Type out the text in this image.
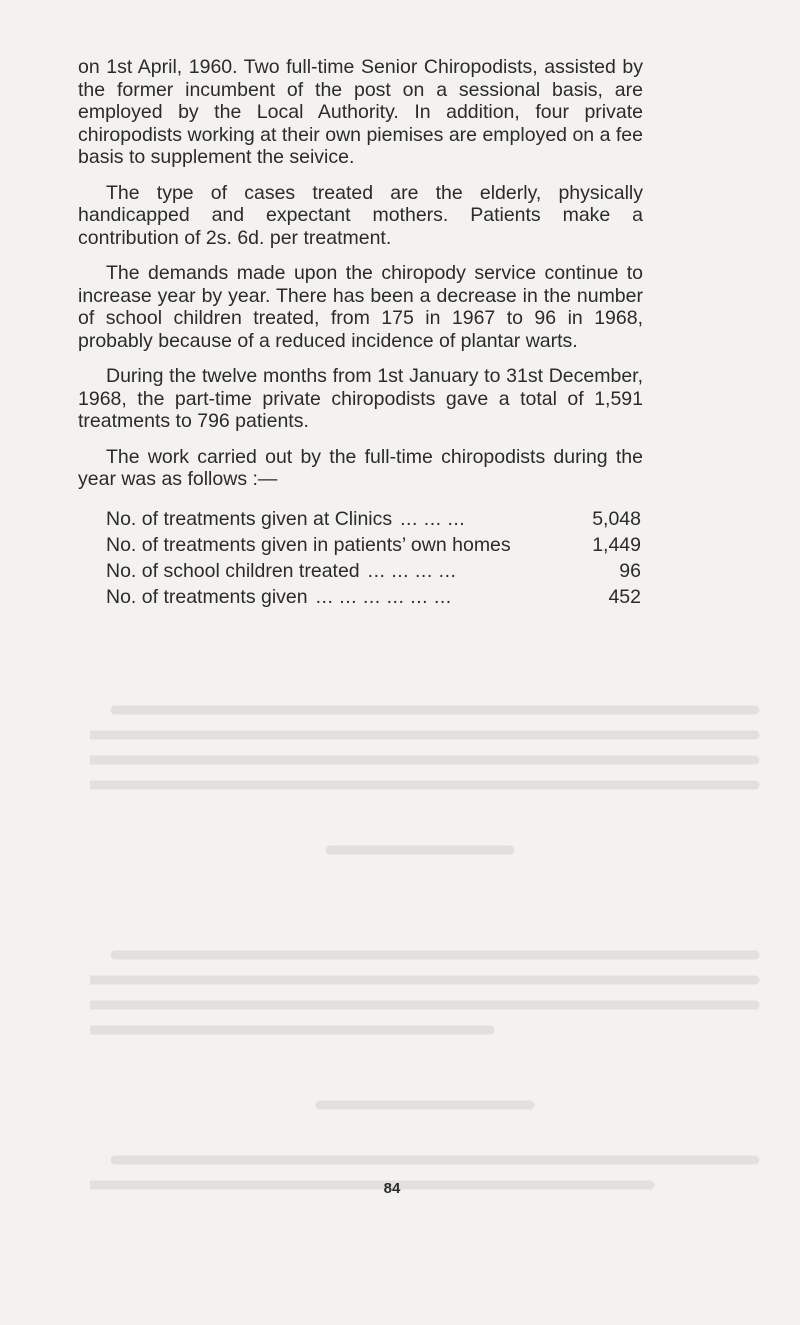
on 1st April, 1960. Two full-time Senior Chiropodists, assisted by the former incumbent of the post on a sessional basis, are employed by the Local Authority. In addition, four private chiropodists working at their own piemises are employed on a fee basis to supplement the seivice.

The type of cases treated are the elderly, physically handicapped and expectant mothers. Patients make a contribution of 2s. 6d. per treatment.

The demands made upon the chiropody service continue to increase year by year. There has been a decrease in the number of school children treated, from 175 in 1967 to 96 in 1968, probably because of a reduced incidence of plantar warts.

During the twelve months from 1st January to 31st December, 1968, the part-time private chiropodists gave a total of 1,591 treatments to 796 patients.

The work carried out by the full-time chiropodists during the year was as follows :—

No. of treatments given at Clinics ... ... ...	5,048
No. of treatments given in patients’ own homes	1,449
No. of school children treated ... ... ... ...	96
No. of treatments given ... ... ... ... ... ...	452
84
